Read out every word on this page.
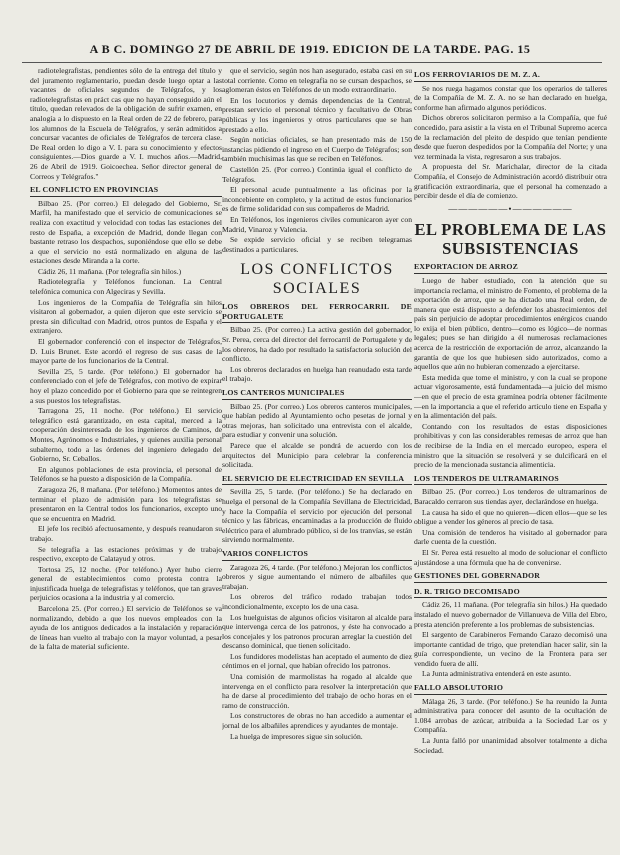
A B C. DOMINGO 27 DE ABRIL DE 1919. EDICION DE LA TARDE. PAG. 15

radiotelegrafistas, pendientes sólo de la entrega del título y del juramento reglamentario, puedan desde luego optar a las vacantes de oficiales segundos de Telégrafos, y los radiotelegrafistas en práct cas que no hayan conseguido aún el título, quedan relevados de la obligación de sufrir examen, en analogía a lo dispuesto en la Real orden de 22 de febrero, para los alumnos de la Escuela de Telégrafos, y serán admitidos a concursar vacantes de oficiales de Telégrafos de tercera clase. De Real orden lo digo a V. I. para su conocimiento y efectos consiguientes.—Dios guarde a V. I. muchos años.—Madrid, 26 de Abril de 1919. Goicoechea. Señor director general de Correos y Telégrafos."

EL CONFLICTO EN PROVINCIAS

Bilbao 25. (Por correo.) El delegado del Gobierno, Sr. Marfil, ha manifestado que el servicio de comunicaciones se realiza con exactitud y velocidad con todas las estaciones del resto de España, a excepción de Madrid, donde llegan con bastante retraso los despachos, suponiéndose que ello se debe a que el servicio no está normalizado en alguna de las estaciones desde Miranda a la corte.

Cádiz 26, 11 mañana. (Por telegrafía sin hilos.)

Radiotelegrafía y Teléfonos funcionan. La Central telefónica comunica con Algeciras y Sevilla.

Los ingenieros de la Compañía de Telégrafía sin hilos visitaron al gobernador, a quien dijeron que este servicio se presta sin dificultad con Madrid, otros puntos de España y el extranjero.

El gobernador conferenció con el inspector de Telégrafos, D. Luis Brunet. Este acordó el regreso de sus casas de la mayor parte de los funcionarios de la Central.

Sevilla 25, 5 tarde. (Por teléfono.) El gobernador ha conferenciado con el jefe de Telégrafos, con motivo de expirar hoy el plazo concedido por el Gobierno para que se reintegren a sus puestos los telegrafistas.

Tarragona 25, 11 noche. (Por teléfono.) El servicio telegráfico está garantizado, en esta capital, merced a la cooperación desinteresada de los ingenieros de Caminos, de Montes, Agrónomos e Industriales, y quienes auxilia personal subalterno, todo a las órdenes del ingeniero delegado del Gobierno, Sr. Ceballos.

En algunos poblaciones de esta provincia, el personal de Teléfonos se ha puesto a disposición de la Compañía.

Zaragoza 26, 8 mañana. (Por teléfono.) Momentos antes de terminar el plazo de admisión para los telegrafistas se presentaron en la Central todos los funcionarios, excepto uno que se encuentra en Madrid.

El jefe los recibió afectuosamente, y después reanudaron su trabajo.

Se telegrafía a las estaciones próximas y de trabajo respectivo, excepto de Calatayud y otros.

Tortosa 25, 12 noche. (Por teléfono.) Ayer hubo cierre general de establecimientos como protesta contra la injustificada huelga de telegrafistas y teléfonos, que tan graves perjuicios ocasiona a la industria y al comercio.

Barcelona 25. (Por correo.) El servicio de Teléfonos se va normalizando, debido a que los nuevos empleados con la ayuda de los antiguos dedicados a la instalación y reparación de líneas han vuelto al trabajo con la mayor voluntad, a pesar de la falta de material suficiente.

que el servicio, según nos han asegurado, estaba casi en su total corriente. Como en telegrafía no se cursan despachos, se aglomeran éstos en Teléfonos de un modo extraordinario.

En los locutorios y demás dependencias de la Central, prestan servicio el personal técnico y facultativo de Obras públicas y los ingenieros y otros particulares que se han prestado a ello.

Según noticias oficiales, se han presentado más de 150 instancias pidiendo el ingreso en el Cuerpo de Telégrafos; son también muchísimas las que se reciben en Teléfonos.

Castellón 25. (Por correo.) Continúa igual el conflicto de Telégrafos.

El personal acude puntualmente a las oficinas por la inconcebiente en completo, y la actitud de estos funcionarios es de firme solidaridad con sus compañeros de Madrid.

En Teléfonos, los ingenieros civiles comunicaron ayer con Madrid, Vinaroz y Valencia.

Se expide servicio oficial y se reciben telegramas destinados a particulares.

LOS CONFLICTOS SOCIALES
LOS OBREROS DEL FERROCARRIL DE PORTUGALETE

Bilbao 25. (Por correo.) La activa gestión del gobernador, Sr. Perea, cerca del director del ferrocarril de Portugalete y de los obreros, ha dado por resultado la satisfactoria solución del conflicto.

Los obreros declarados en huelga han reanudado esta tarde el trabajo.

LOS CANTEROS MUNICIPALES

Bilbao 25. (Por correo.) Los obreros canteros municipales, que habían pedido al Ayuntamiento ocho pesetas de jornal y otras mejoras, han solicitado una entrevista con el alcalde, para estudiar y convenir una solución.

Parece que el alcalde se pondrá de acuerdo con los arquitectos del Municipio para celebrar la conferencia solicitada.

EL SERVICIO DE ELECTRICIDAD EN SEVILLA

Sevilla 25, 5 tarde. (Por teléfono.) Se ha declarado en huelga el personal de la Compañía Sevillana de Electricidad, y hace la Compañía el servicio por ejecución del personal técnico y las fábricas, encaminadas a la producción de fluido eléctrico para el alumbrado público, si de los tranvías, se están sirviendo normalmente.

VARIOS CONFLICTOS

Zaragoza 26, 4 tarde. (Por teléfono.) Mejoran los conflictos obreros y sigue aumentando el número de albañiles que trabajan.

Los obreros del tráfico rodado trabajan todos incondicionalmente, excepto los de una casa.

Los huelguistas de algunos oficios visitaron al alcalde para que intervenga cerca de los patronos, y éste ha convocado a los concejales y los patronos procuran arreglar la cuestión del descanso dominical, que tienen solicitado.

Los fundidores modelistas han aceptado el aumento de diez céntimos en el jornal, que habían ofrecido los patronos.

Una comisión de marmolistas ha rogado al alcalde que intervenga en el conflicto para resolver la interpretación que ha de darse al procedimiento del trabajo de ocho horas en el ramo de construcción.

Los constructores de obras no han accedido a aumentar el jornal de los albañiles aprendices y ayudantes de montaje.

La huelga de impresores sigue sin solución.

LOS FERROVIARIOS DE M. Z. A.

Se nos ruega hagamos constar que los operarios de talleres de la Compañía de M. Z. A. no se han declarado en huelga, conforme han afirmado algunos periódicos.

Dichos obreros solicitaron permiso a la Compañía, que fué concedido, para asistir a la vista en el Tribunal Supremo acerca de la reclamación del pleito de despido que tenían pendiente desde que fueron despedidos por la Compañía del Norte; y una vez terminada la vista, regresaron a sus trabajos.

A propuesta del Sr. Marichalar, director de la citada Compañía, el Consejo de Administración acordó distribuir otra gratificación extraordinaria, que el personal ha comenzado a percibir desde el día de comienzo.

——————•——————
EL PROBLEMA DE LAS SUBSISTENCIAS
EXPORTACION DE ARROZ

Luego de haber estudiado, con la atención que su importancia reclama, el ministro de Fomento, el problema de la exportación de arroz, que se ha dictado una Real orden, de manera que está dispuesto a defender los abastecimientos del país sin perjuicio de adoptar procedimientos enérgicos cuando lo exija el bien público, dentro—como es lógico—de normas legales; pues se han dirigido a él numerosas reclamaciones acerca de la restricción de exportación de arroz, alcanzando la garantía de que los que hubiesen sido autorizados, como a aquellos que aún no hubieran comenzado a ejercitarse.

Esta medida que tome el ministro, y con la cual se propone actuar vigorosamente, está fundamentada—a juicio del mismo—en que el precio de esta gramínea podría obtener fácilmente—en la importancia a que el referido artículo tiene en España y en la alimentación del país.

Contando con los resultados de estas disposiciones prohibitivas y con las considerables remesas de arroz que han de recibirse de la India en el mercado europeo, espera el ministro que la situación se resolverá y se dulcificará en el precio de la mencionada sustancia alimenticia.

LOS TENDEROS DE ULTRAMARINOS

Bilbao 25. (Por correo.) Los tenderos de ultramarinos de Baracaldo cerraron sus tiendas ayer, declarándose en huelga.

La causa ha sido el que no quieren—dicen ellos—que se les obligue a vender los géneros al precio de tasa.

Una comisión de tenderos ha visitado al gobernador para darle cuenta de la cuestión.

El Sr. Perea está resuelto al modo de solucionar el conflicto ajustándose a una fórmula que ha de convenirse.

GESTIONES DEL GOBERNADOR
D. R. TRIGO DECOMISADO

Cádiz 26, 11 mañana. (Por telegrafía sin hilos.) Ha quedado instalado el nuevo gobernador de Villanueva de Villa del Ebro, presta atención preferente a los problemas de subsistencias.

El sargento de Carabineros Fernando Carazo decomisó una importante cantidad de trigo, que pretendían hacer salir, sin la guía correspondiente, un vecino de la Frontera para ser vendido fuera de allí.

La Junta administrativa entenderá en este asunto.

FALLO ABSOLUTORIO

Málaga 26, 3 tarde. (Por teléfono.) Se ha reunido la Junta administrativa para conocer del asunto de la ocultación de 1.084 arrobas de azúcar, atribuida a la Sociedad Lar os y Compañía.

La Junta falló por unanimidad absolver totalmente a dicha Sociedad.
